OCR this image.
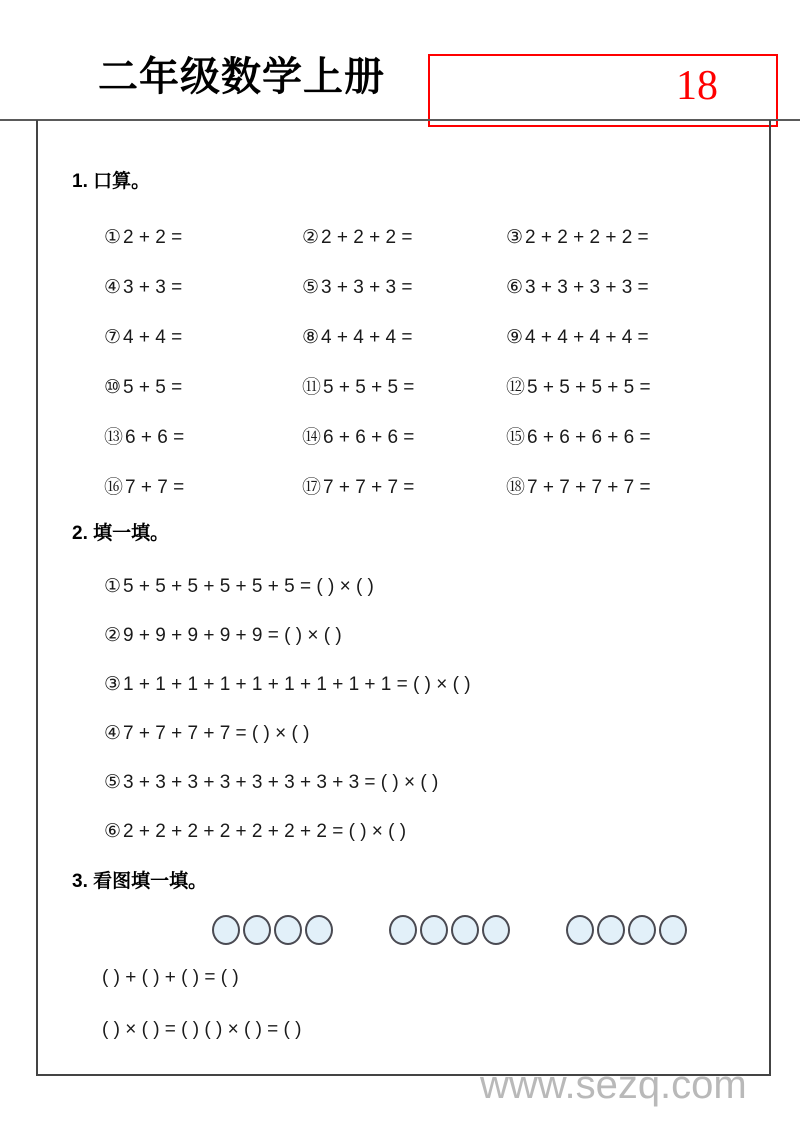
二年级数学上册	18
1. 口算。
① 2 + 2 =	② 2 + 2 + 2 =	③ 2 + 2 + 2 + 2 =
④ 3 + 3 =	⑤ 3 + 3 + 3 =	⑥ 3 + 3 + 3 + 3 =
⑦ 4 + 4 =	⑧ 4 + 4 + 4 =	⑨ 4 + 4 + 4 + 4 =
⑩ 5 + 5 =	⑪ 5 + 5 + 5 =	⑫ 5 + 5 + 5 + 5 =
⑬ 6 + 6 =	⑭ 6 + 6 + 6 =	⑮ 6 + 6 + 6 + 6 =
⑯ 7 + 7 =	⑰ 7 + 7 + 7 =	⑱ 7 + 7 + 7 + 7 =
2. 填一填。
① 5 + 5 + 5 + 5 + 5 + 5 = ( ) × ( )
② 9 + 9 + 9 + 9 + 9 = ( ) × ( )
③ 1 + 1 + 1 + 1 + 1 + 1 + 1 + 1 + 1 = ( ) × ( )
④ 7 + 7 + 7 + 7 = ( ) × ( )
⑤ 3 + 3 + 3 + 3 + 3 + 3 + 3 + 3 = ( ) × ( )
⑥ 2 + 2 + 2 + 2 + 2 + 2 + 2 = ( ) × ( )
3. 看图填一填。
( ) + ( ) + ( ) = ( )
( ) × ( ) = ( ) ( ) × ( ) = ( )
www.sezq.com
